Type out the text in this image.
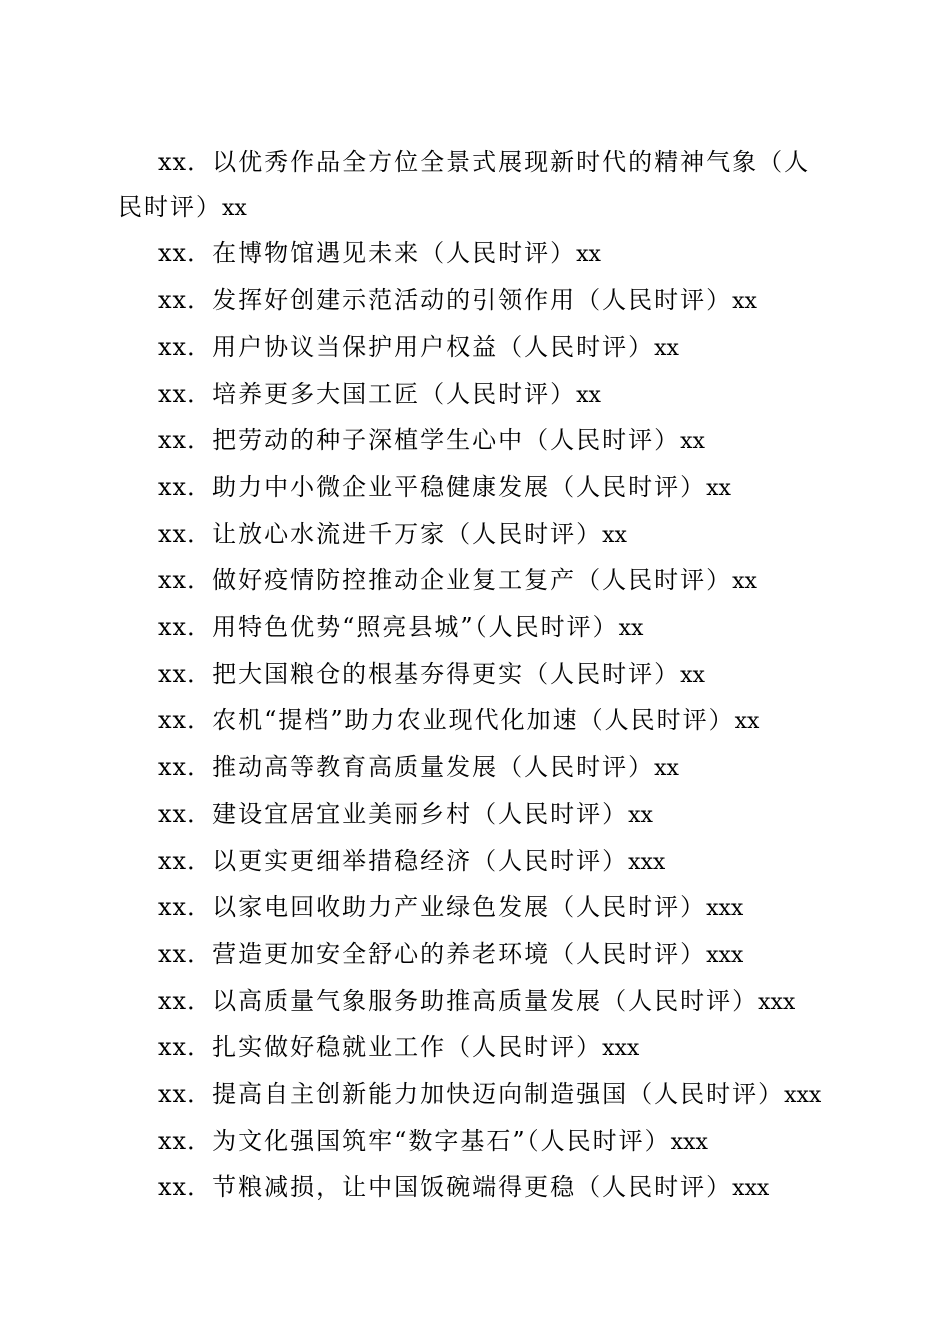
xx．以优秀作品全方位全景式展现新时代的精神气象（人民时评）xx
xx．在博物馆遇见未来（人民时评）xx
xx．发挥好创建示范活动的引领作用（人民时评）xx
xx．用户协议当保护用户权益（人民时评）xx
xx．培养更多大国工匠（人民时评）xx
xx．把劳动的种子深植学生心中（人民时评）xx
xx．助力中小微企业平稳健康发展（人民时评）xx
xx．让放心水流进千万家（人民时评）xx
xx．做好疫情防控推动企业复工复产（人民时评）xx
xx．用特色优势“照亮县城”（人民时评）xx
xx．把大国粮仓的根基夯得更实（人民时评）xx
xx．农机“提档”助力农业现代化加速（人民时评）xx
xx．推动高等教育高质量发展（人民时评）xx
xx．建设宜居宜业美丽乡村（人民时评）xx
xx．以更实更细举措稳经济（人民时评）xxx
xx．以家电回收助力产业绿色发展（人民时评）xxx
xx．营造更加安全舒心的养老环境（人民时评）xxx
xx．以高质量气象服务助推高质量发展（人民时评）xxx
xx．扎实做好稳就业工作（人民时评）xxx
xx．提高自主创新能力加快迈向制造强国（人民时评）xxx
xx．为文化强国筑牢“数字基石”（人民时评）xxx
xx．节粮减损，让中国饭碗端得更稳（人民时评）xxx
